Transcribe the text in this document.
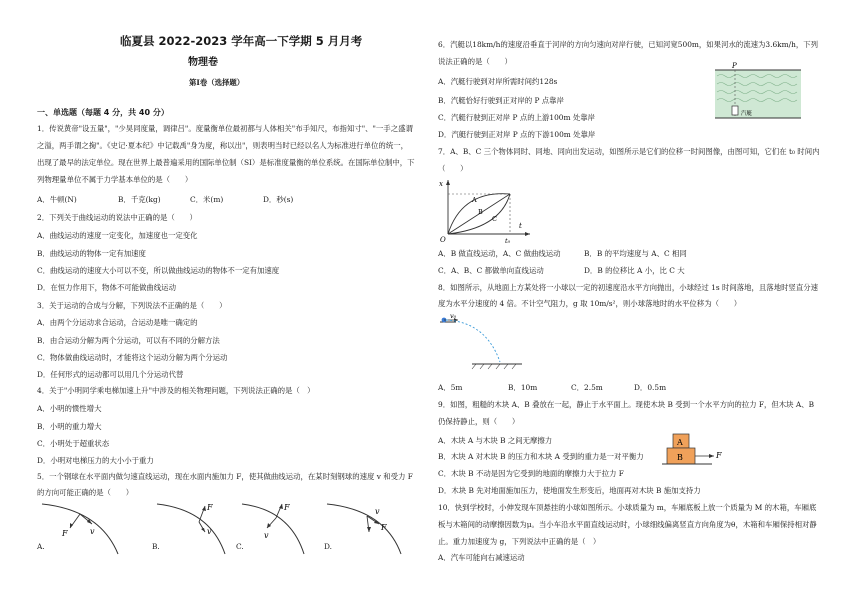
临夏县 2022-2023 学年高一下学期 5 月月考
物理卷
第Ⅰ卷（选择题）
一、单选题（每题 4 分，共 40 分）
1．传说黄帝"设五量"，"少昊同度量，调律吕"。度量衡单位最初都与人体相关"布手知尺，布指知寸"、"一手之盛谓
之溢，两手谓之掬"。《史记·夏本纪》中记载禹"身为度，称以出"，则表明当时已经以名人为标准进行单位的统一，
出现了最早的法定单位。现在世界上最普遍采用的国际单位制（SI）是标准度量衡的单位系统。在国际单位制中，下
列物理量单位不属于力学基本单位的是（　　）
A．牛顿(N)	B．千克(kg)	C．米(m)	D．秒(s)
2．下列关于曲线运动的说法中正确的是（　　）
A．曲线运动的速度一定变化，加速度也一定变化
B．曲线运动的物体一定有加速度
C．曲线运动的速度大小可以不变，所以做曲线运动的物体不一定有加速度
D．在恒力作用下，物体不可能做曲线运动
3．关于运动的合成与分解，下列说法不正确的是（　　）
A．由两个分运动求合运动，合运动是唯一确定的
B．由合运动分解为两个分运动，可以有不同的分解方法
C．物体做曲线运动时，才能将这个运动分解为两个分运动
D．任何形式的运动都可以用几个分运动代替
4．关于"小明同学乘电梯加速上升"中涉及的相关物理问题，下列说法正确的是（　）
A．小明的惯性增大
B．小明的重力增大
C．小明处于超重状态
D．小明对电梯压力的大小小于重力
5．一个钢球在水平面内做匀速直线运动，现在水面内施加力 F，使其做曲线运动，在某时刻钢球的速度 v 和受力 F
的方向可能正确的是（　　）
F	v
A.
F
v
B.
F
v
C.
F
v
D.
6．汽艇以18km/h的速度沿垂直于河岸的方向匀速向对岸行驶，已知河宽500m，如果河水的流速为3.6km/h，下列
说法正确的是（　　）
A．汽艇行驶到对岸所需时间约128s
B．汽艇恰好行驶到正对岸的 P 点靠岸
C．汽艇行驶到正对岸 P 点的上游100m 处靠岸
D．汽艇行驶到正对岸 P 点的下游100m 处靠岸
P
汽艇
7．A、B、C 三个物体同时、同地、同向出发运动，如图所示是它们的位移一时间图像，由图可知，它们在 t₀ 时间内
（　　）
x
t
O	t₀
A
B
C
A．B 做直线运动，A、C 做曲线运动	B．B 的平均速度与 A、C 相同
C．A、B、C 都做单向直线运动	D．B 的位移比 A 小，比 C 大
8．如图所示，从地面上方某处将一小球以一定的初速度沿水平方向抛出，小球经过 1s 时间落地，且落地时竖直分速
度为水平分速度的 4 倍。不计空气阻力，g 取 10m/s²，则小球落地时的水平位移为（　　）
v₀
A．5m	B．10m	C．2.5m	D．0.5m
9．如图，粗糙的木块 A、B 叠放在一起，静止于水平面上。现使木块 B 受到一个水平方向的拉力 F，但木块 A、B
仍保持静止，则（　　）
A．木块 A 与木块 B 之间无摩擦力
B．木块 A 对木块 B 的压力和木块 A 受到的重力是一对平衡力
C．木块 B 不动是因为它受到的地面的摩擦力大于拉力 F
D．木块 B 先对地面施加压力，使地面发生形变后，地面再对木块 B 施加支持力
A
B	F
10．快到学校时，小伸发现车顶悬挂的小球如图所示。小球质量为 m，车厢底板上放一个质量为 M 的木箱，车厢底
板与木箱间的动摩擦因数为μ。当小车沿水平面直线运动时，小球细线偏离竖直方向角度为θ，木箱和车厢保持相对静
止。重力加速度为 g，下列说法中正确的是（　）
A．汽车可能向右减速运动
